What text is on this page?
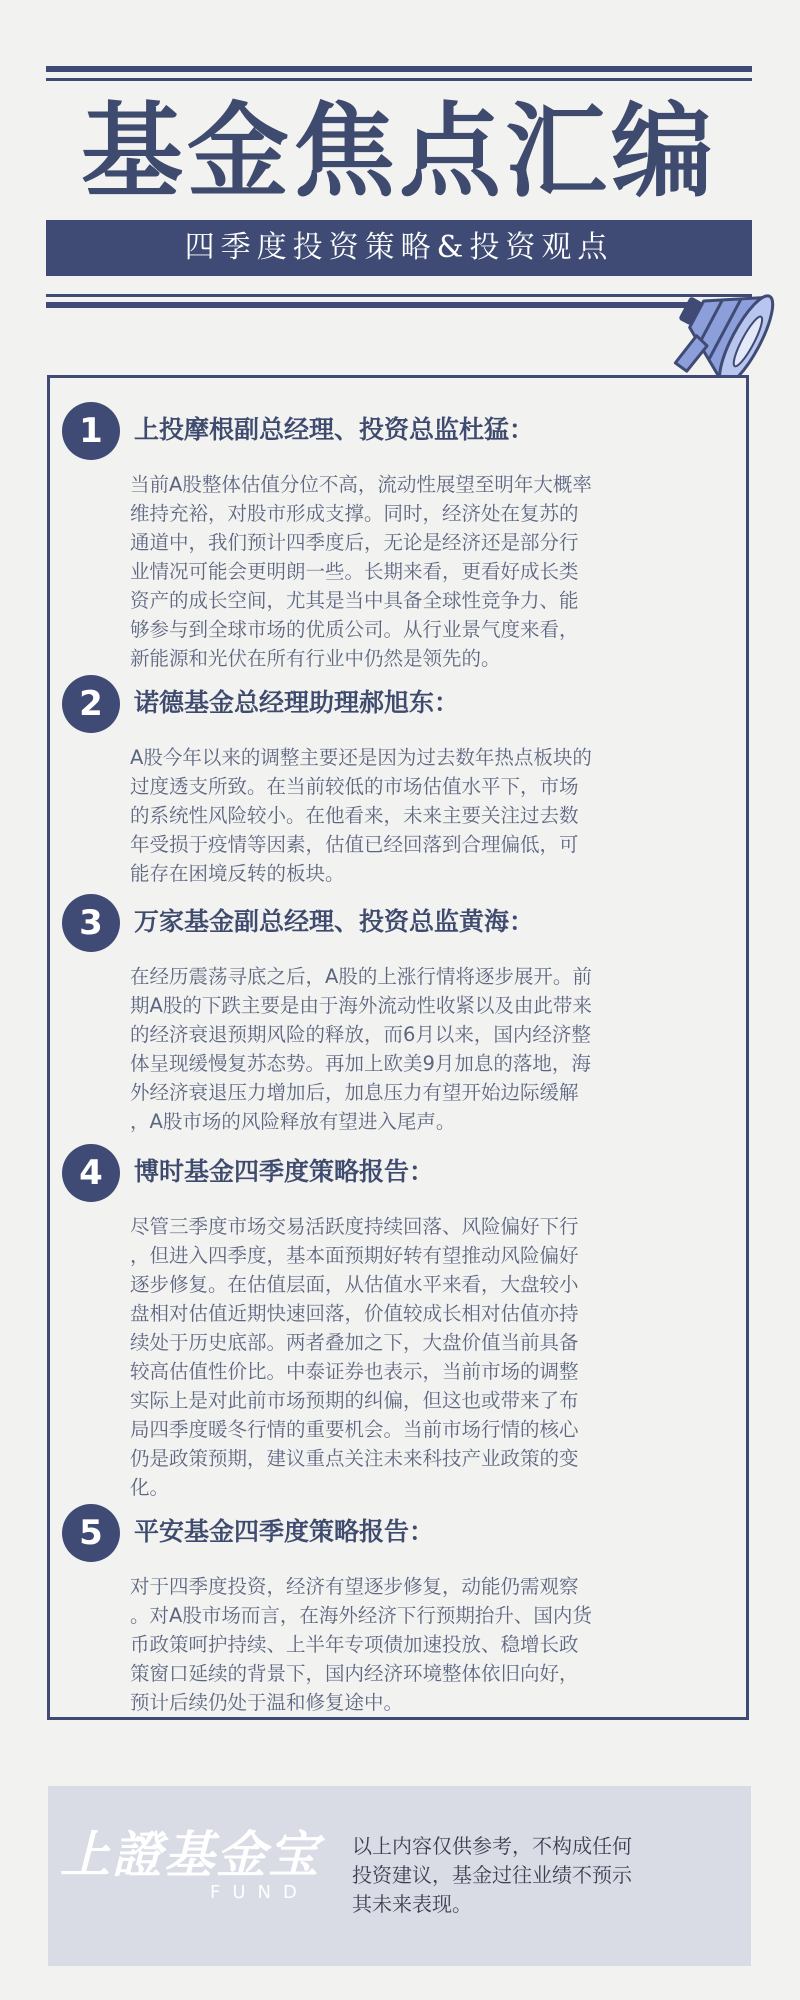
基金焦点汇编
四季度投资策略&投资观点
1	上投摩根副总经理、投资总监杜猛：
当前A股整体估值分位不高，流动性展望至明年大概率
维持充裕，对股市形成支撑。同时，经济处在复苏的
通道中，我们预计四季度后，无论是经济还是部分行
业情况可能会更明朗一些。长期来看，更看好成长类
资产的成长空间，尤其是当中具备全球性竞争力、能
够参与到全球市场的优质公司。从行业景气度来看，
新能源和光伏在所有行业中仍然是领先的。
2	诺德基金总经理助理郝旭东：
A股今年以来的调整主要还是因为过去数年热点板块的
过度透支所致。在当前较低的市场估值水平下，市场
的系统性风险较小。在他看来，未来主要关注过去数
年受损于疫情等因素，估值已经回落到合理偏低，可
能存在困境反转的板块。
3	万家基金副总经理、投资总监黄海：
在经历震荡寻底之后，A股的上涨行情将逐步展开。前
期A股的下跌主要是由于海外流动性收紧以及由此带来
的经济衰退预期风险的释放，而6月以来，国内经济整
体呈现缓慢复苏态势。再加上欧美9月加息的落地，海
外经济衰退压力增加后，加息压力有望开始边际缓解
，A股市场的风险释放有望进入尾声。
4	博时基金四季度策略报告：
尽管三季度市场交易活跃度持续回落、风险偏好下行
，但进入四季度，基本面预期好转有望推动风险偏好
逐步修复。在估值层面，从估值水平来看，大盘较小
盘相对估值近期快速回落，价值较成长相对估值亦持
续处于历史底部。两者叠加之下，大盘价值当前具备
较高估值性价比。中泰证券也表示，当前市场的调整
实际上是对此前市场预期的纠偏，但这也或带来了布
局四季度暖冬行情的重要机会。当前市场行情的核心
仍是政策预期，建议重点关注未来科技产业政策的变
化。
5	平安基金四季度策略报告：
对于四季度投资，经济有望逐步修复，动能仍需观察
。对A股市场而言，在海外经济下行预期抬升、国内货
币政策呵护持续、上半年专项债加速投放、稳增长政
策窗口延续的背景下，国内经济环境整体依旧向好，
预计后续仍处于温和修复途中。
上證基金宝
FUND
以上内容仅供参考，不构成任何
投资建议，基金过往业绩不预示
其未来表现。
